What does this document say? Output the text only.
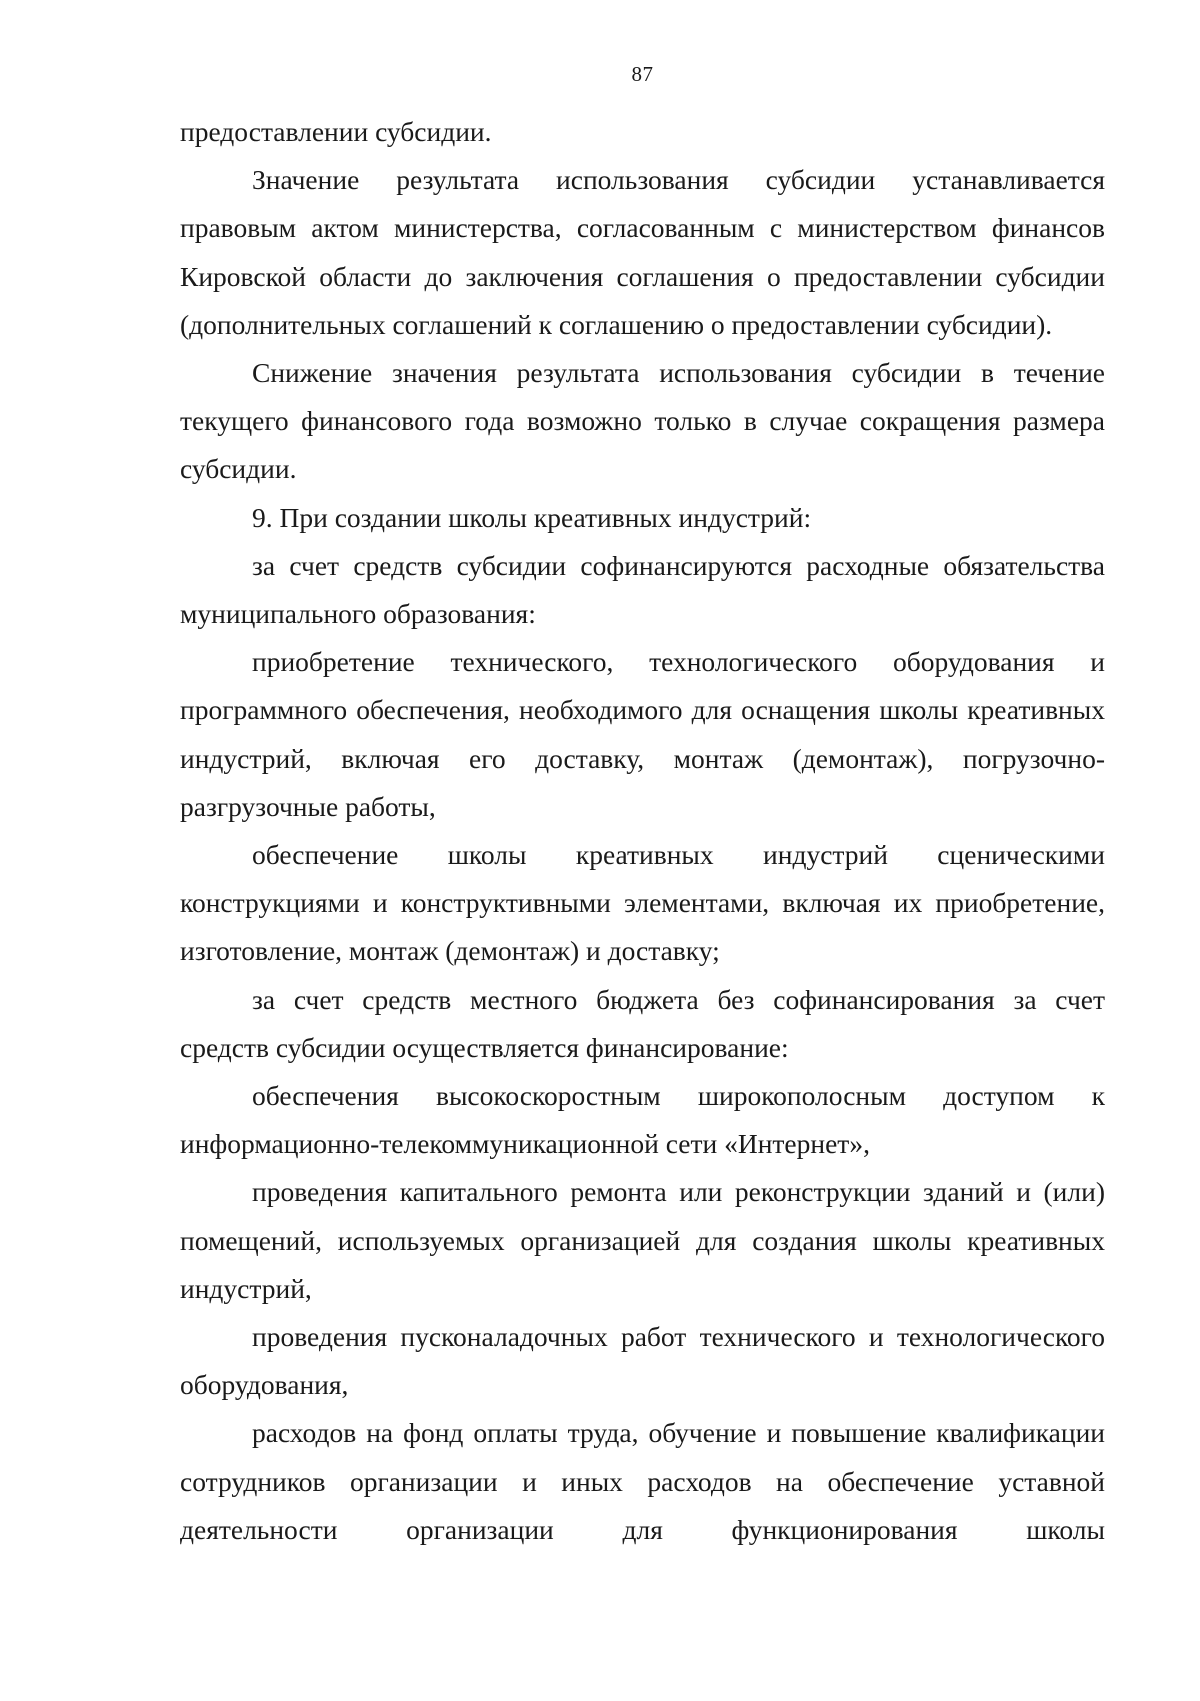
87

предоставлении субсидии.

Значение результата использования субсидии устанавливается правовым актом министерства, согласованным с министерством финансов Кировской области до заключения соглашения о предоставлении субсидии (дополнительных соглашений к соглашению о предоставлении субсидии).

Снижение значения результата использования субсидии в течение текущего финансового года возможно только в случае сокращения размера субсидии.

9. При создании школы креативных индустрий:

за счет средств субсидии софинансируются расходные обязательства муниципального образования:

приобретение технического, технологического оборудования и программного обеспечения, необходимого для оснащения школы креативных индустрий, включая его доставку, монтаж (демонтаж), погрузочно-разгрузочные работы,

обеспечение школы креативных индустрий сценическими конструкциями и конструктивными элементами, включая их приобретение, изготовление, монтаж (демонтаж) и доставку;

за счет средств местного бюджета без софинансирования за счет средств субсидии осуществляется финансирование:

обеспечения высокоскоростным широкополосным доступом к информационно-телекоммуникационной сети «Интернет»,

проведения капитального ремонта или реконструкции зданий и (или) помещений, используемых организацией для создания школы креативных индустрий,

проведения пусконаладочных работ технического и технологического оборудования,

расходов на фонд оплаты труда, обучение и повышение квалификации сотрудников организации и иных расходов на обеспечение уставной деятельности организации для функционирования школы
